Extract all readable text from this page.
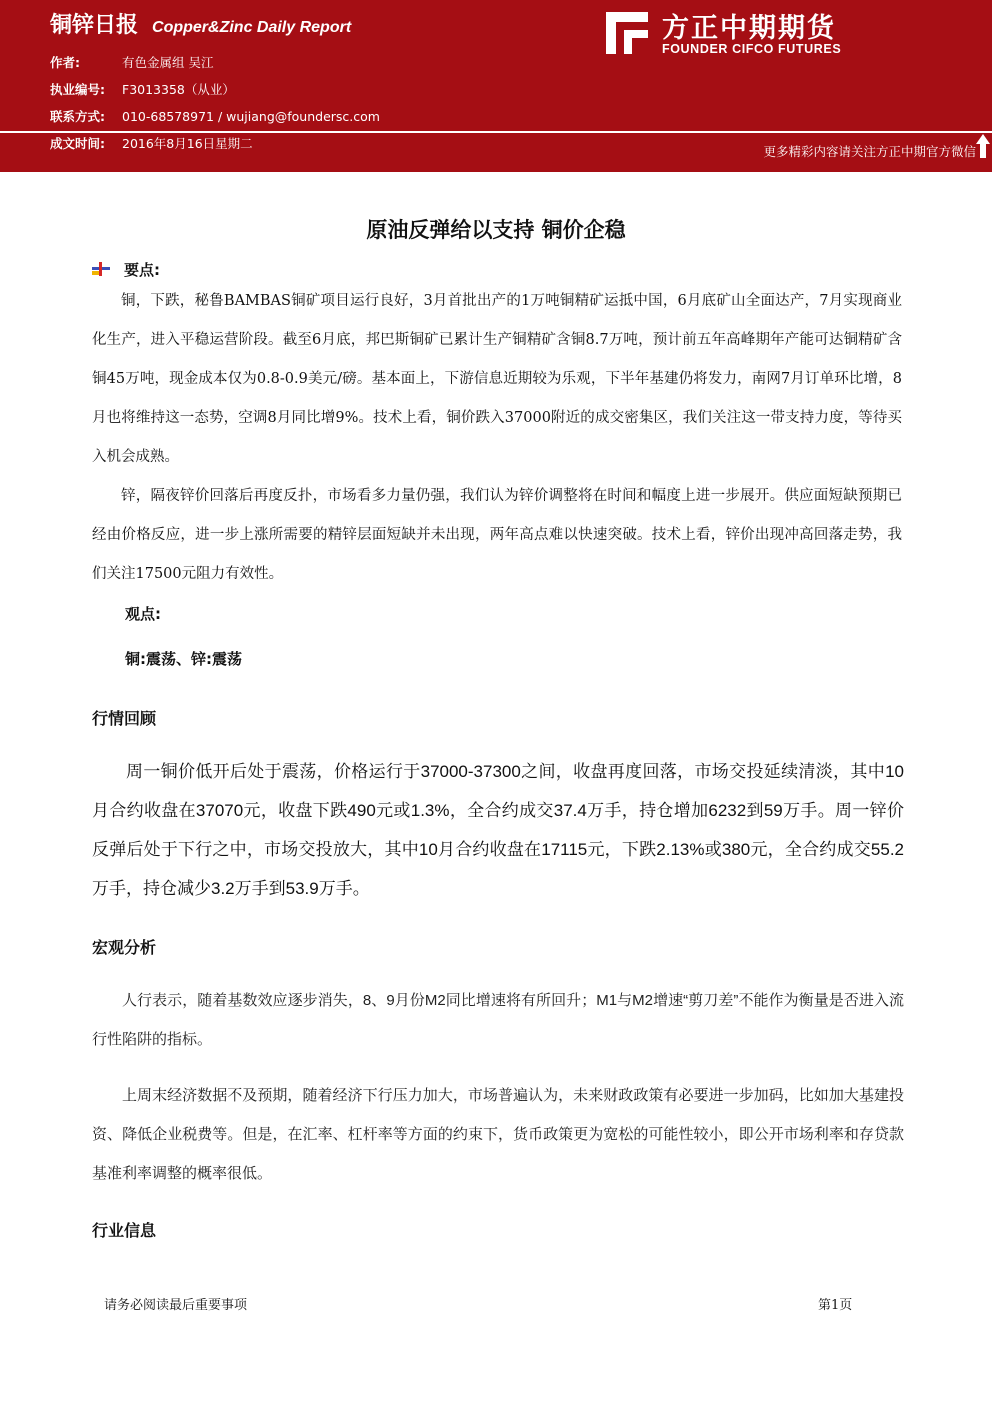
铜锌日报 Copper&Zinc Daily Report
作者:	有色金属组 吴江
执业编号: F3013358（从业）
联系方式: 010-68578971 / wujiang@foundersc.com
成文时间: 2016年8月16日星期二
方正中期期货
FOUNDER CIFCO FUTURES
更多精彩内容请关注方正中期官方微信
原油反弹给以支持 铜价企稳
要点:

铜，下跌，秘鲁BAMBAS铜矿项目运行良好，3月首批出产的1万吨铜精矿运抵中国，6月底矿山全面达产，7月实现商业化生产，进入平稳运营阶段。截至6月底，邦巴斯铜矿已累计生产铜精矿含铜8.7万吨，预计前五年高峰期年产能可达铜精矿含铜45万吨，现金成本仅为0.8-0.9美元/磅。基本面上，下游信息近期较为乐观，下半年基建仍将发力，南网7月订单环比增，8月也将维持这一态势，空调8月同比增9%。技术上看，铜价跌入37000附近的成交密集区，我们关注这一带支持力度，等待买入机会成熟。

锌，隔夜锌价回落后再度反扑，市场看多力量仍强，我们认为锌价调整将在时间和幅度上进一步展开。供应面短缺预期已经由价格反应，进一步上涨所需要的精锌层面短缺并未出现，两年高点难以快速突破。技术上看，锌价出现冲高回落走势，我们关注17500元阻力有效性。

观点:
铜:震荡、锌:震荡
行情回顾

周一铜价低开后处于震荡，价格运行于37000-37300之间，收盘再度回落，市场交投延续清淡，其中10月合约收盘在37070元，收盘下跌490元或1.3%，全合约成交37.4万手，持仓增加6232到59万手。周一锌价反弹后处于下行之中，市场交投放大，其中10月合约收盘在17115元，下跌2.13%或380元，全合约成交55.2万手，持仓减少3.2万手到53.9万手。

宏观分析

人行表示，随着基数效应逐步消失，8、9月份M2同比增速将有所回升；M1与M2增速“剪刀差”不能作为衡量是否进入流行性陷阱的指标。

上周末经济数据不及预期，随着经济下行压力加大，市场普遍认为，未来财政政策有必要进一步加码，比如加大基建投资、降低企业税费等。但是，在汇率、杠杆率等方面的约束下，货币政策更为宽松的可能性较小，即公开市场利率和存贷款基准利率调整的概率很低。

行业信息
请务必阅读最后重要事项	第1页
